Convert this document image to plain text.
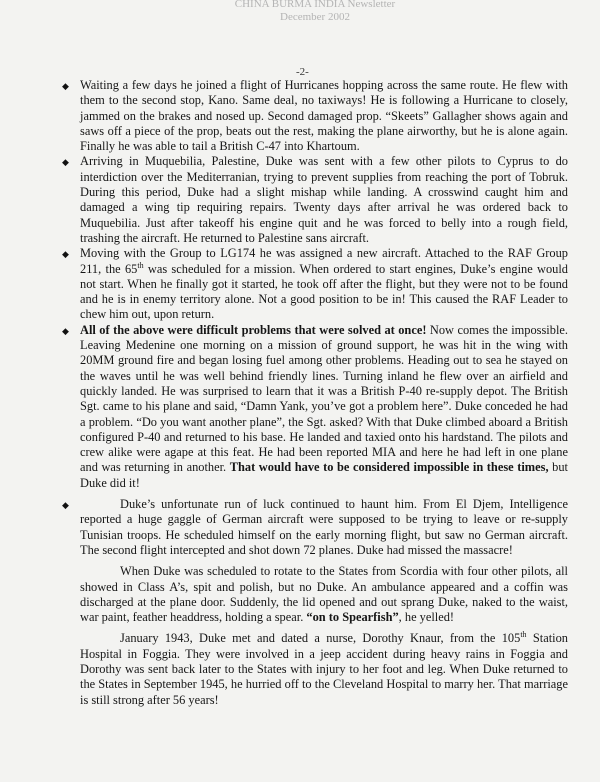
CHINA BURMA INDIA Newsletter
December 2002
-2-
◆ Waiting a few days he joined a flight of Hurricanes hopping across the same route. He flew with them to the second stop, Kano. Same deal, no taxiways! He is following a Hurricane to closely, jammed on the brakes and nosed up. Second damaged prop. “Skeets” Gallagher shows again and saws off a piece of the prop, beats out the rest, making the plane airworthy, but he is alone again. Finally he was able to tail a British C-47 into Khartoum.

◆ Arriving in Muquebilia, Palestine, Duke was sent with a few other pilots to Cyprus to do interdiction over the Mediterranian, trying to prevent supplies from reaching the port of Tobruk. During this period, Duke had a slight mishap while landing. A crosswind caught him and damaged a wing tip requiring repairs. Twenty days after arrival he was ordered back to Muquebilia. Just after takeoff his engine quit and he was forced to belly into a rough field, trashing the aircraft. He returned to Palestine sans aircraft.

◆ Moving with the Group to LG174 he was assigned a new aircraft. Attached to the RAF Group 211, the 65th was scheduled for a mission. When ordered to start engines, Duke’s engine would not start. When he finally got it started, he took off after the flight, but they were not to be found and he is in enemy territory alone. Not a good position to be in! This caused the RAF Leader to chew him out, upon return.

◆ All of the above were difficult problems that were solved at once! Now comes the impossible. Leaving Medenine one morning on a mission of ground support, he was hit in the wing with 20MM ground fire and began losing fuel among other problems. Heading out to sea he stayed on the waves until he was well behind friendly lines. Turning inland he flew over an airfield and quickly landed. He was surprised to learn that it was a British P-40 re-supply depot. The British Sgt. came to his plane and said, “Damn Yank, you’ve got a problem here”. Duke conceded he had a problem. “Do you want another plane”, the Sgt. asked? With that Duke climbed aboard a British configured P-40 and returned to his base. He landed and taxied onto his hardstand. The pilots and crew alike were agape at this feat. He had been reported MIA and here he had left in one plane and was returning in another. That would have to be considered impossible in these times, but Duke did it!

◆	Duke’s unfortunate run of luck continued to haunt him. From El Djem, Intelligence reported a huge gaggle of German aircraft were supposed to be trying to leave or re-supply Tunisian troops. He scheduled himself on the early morning flight, but saw no German aircraft. The second flight intercepted and shot down 72 planes. Duke had missed the massacre!

When Duke was scheduled to rotate to the States from Scordia with four other pilots, all showed in Class A’s, spit and polish, but no Duke. An ambulance appeared and a coffin was discharged at the plane door. Suddenly, the lid opened and out sprang Duke, naked to the waist, war paint, feather headdress, holding a spear. “on to Spearfish”, he yelled!

January 1943, Duke met and dated a nurse, Dorothy Knaur, from the 105th Station Hospital in Foggia. They were involved in a jeep accident during heavy rains in Foggia and Dorothy was sent back later to the States with injury to her foot and leg. When Duke returned to the States in September 1945, he hurried off to the Cleveland Hospital to marry her. That marriage is still strong after 56 years!
